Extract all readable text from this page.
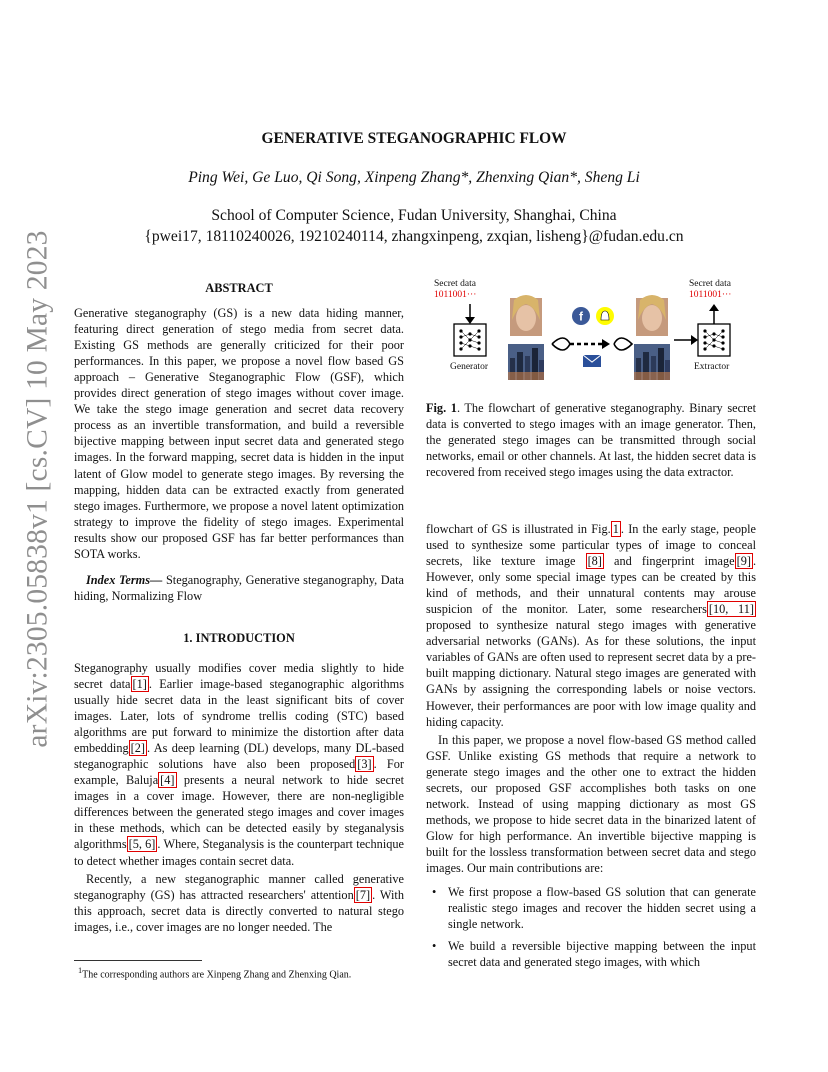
arXiv:2305.05838v1 [cs.CV] 10 May 2023
GENERATIVE STEGANOGRAPHIC FLOW
Ping Wei, Ge Luo, Qi Song, Xinpeng Zhang*, Zhenxing Qian*, Sheng Li
School of Computer Science, Fudan University, Shanghai, China
{pwei17, 18110240026, 19210240114, zhangxinpeng, zxqian, lisheng}@fudan.edu.cn
ABSTRACT

Generative steganography (GS) is a new data hiding manner, featuring direct generation of stego media from secret data. Existing GS methods are generally criticized for their poor performances. In this paper, we propose a novel flow based GS approach – Generative Steganographic Flow (GSF), which provides direct generation of stego images without cover image. We take the stego image generation and secret data recovery process as an invertible transformation, and build a reversible bijective mapping between input secret data and generated stego images. In the forward mapping, secret data is hidden in the input latent of Glow model to generate stego images. By reversing the mapping, hidden data can be extracted exactly from generated stego images. Furthermore, we propose a novel latent optimization strategy to improve the fidelity of stego images. Experimental results show our proposed GSF has far better performances than SOTA works.

Index Terms— Steganography, Generative steganography, Data hiding, Normalizing Flow

1. INTRODUCTION

Steganography usually modifies cover media slightly to hide secret data [1] . Earlier image-based steganographic algorithms usually hide secret data in the least significant bits of cover images. Later, lots of syndrome trellis coding (STC) based algorithms are put forward to minimize the distortion after data embedding [2] . As deep learning (DL) develops, many DL-based steganographic solutions have also been proposed [3] . For example, Baluja [4] presents a neural network to hide secret images in a cover image. However, there are non-negligible differences between the generated stego images and cover images in these methods, which can be detected easily by steganalysis algorithms [5, 6] . Where, Steganalysis is the counterpart technique to detect whether images contain secret data.

Recently, a new steganographic manner called generative steganography (GS) has attracted researchers' attention [7] . With this approach, secret data is directly converted to natural stego images, i.e., cover images are no longer needed. The

$^1$The corresponding authors are Xinpeng Zhang and Zhenxing Qian.
Secret data
1011001···
Secret data
1011001···
f
Generator	Extractor

Fig. 1. The flowchart of generative steganography. Binary secret data is converted to stego images with an image generator. Then, the generated stego images can be transmitted through social networks, email or other channels. At last, the hidden secret data is recovered from received stego images using the data extractor.

flowchart of GS is illustrated in Fig. 1 . In the early stage, people used to synthesize some particular types of image to conceal secrets, like texture image [8] and fingerprint image [9] . However, only some special image types can be created by this kind of methods, and their unnatural contents may arouse suspicion of the monitor. Later, some researchers [10, 11] proposed to synthesize natural stego images with generative adversarial networks (GANs). As for these solutions, the input variables of GANs are often used to represent secret data by a pre-built mapping dictionary. Natural stego images are generated with GANs by assigning the corresponding labels or noise vectors. However, their performances are poor with low image quality and hiding capacity.

In this paper, we propose a novel flow-based GS method called GSF. Unlike existing GS methods that require a network to generate stego images and the other one to extract the hidden secrets, our proposed GSF accomplishes both tasks on one network. Instead of using mapping dictionary as most GS methods, we propose to hide secret data in the binarized latent of Glow for high performance. An invertible bijective mapping is built for the lossless transformation between secret data and stego images. Our main contributions are:

• We first propose a flow-based GS solution that can generate realistic stego images and recover the hidden secret using a single network.
• We build a reversible bijective mapping between the input secret data and generated stego images, with which
